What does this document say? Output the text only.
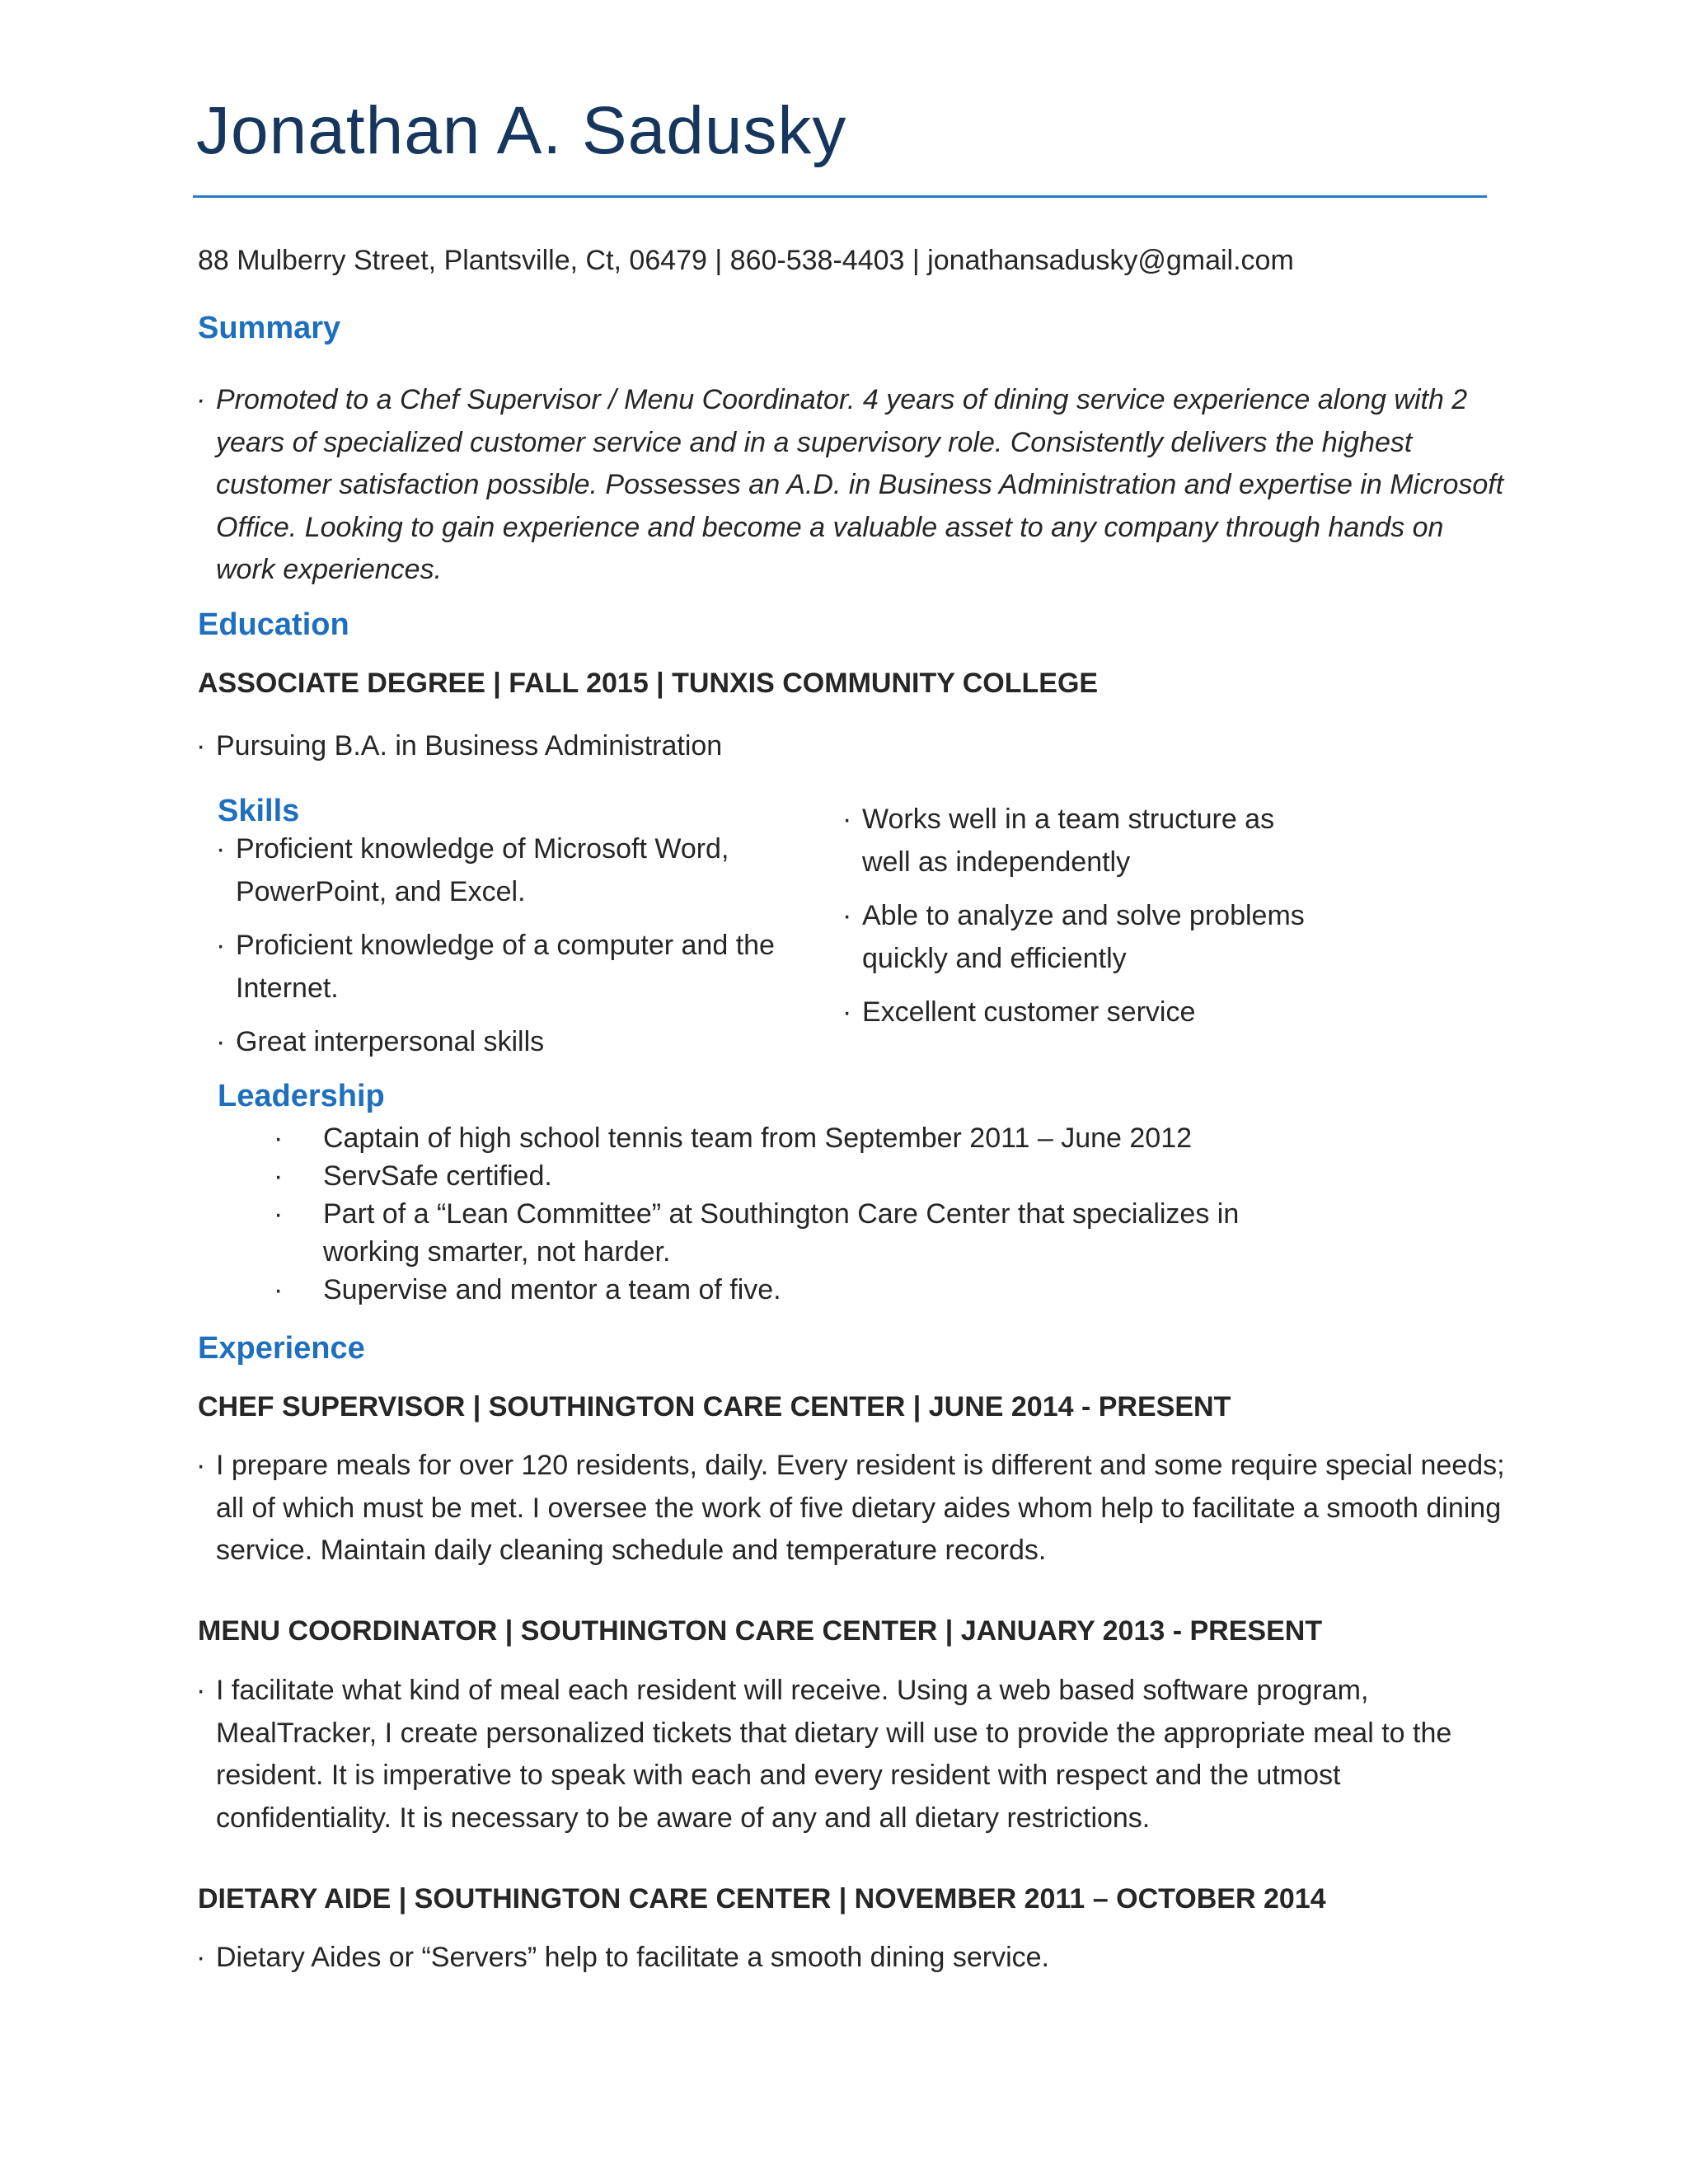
Jonathan A. Sadusky
88 Mulberry Street, Plantsville, Ct, 06479 | 860-538-4403 | jonathansadusky@gmail.com
Summary

· Promoted to a Chef Supervisor / Menu Coordinator. 4 years of dining service experience along with 2 years of specialized customer service and in a supervisory role. Consistently delivers the highest customer satisfaction possible. Possesses an A.D. in Business Administration and expertise in Microsoft Office. Looking to gain experience and become a valuable asset to any company through hands on work experiences.

Education
ASSOCIATE DEGREE | FALL 2015 | TUNXIS COMMUNITY COLLEGE

· Pursuing B.A. in Business Administration

Skills
· Proficient knowledge of Microsoft Word, PowerPoint, and Excel.
· Proficient knowledge of a computer and the Internet.
· Great interpersonal skills
· Works well in a team structure as well as independently
· Able to analyze and solve problems quickly and efficiently
· Excellent customer service
Leadership
· Captain of high school tennis team from September 2011 – June 2012
· ServSafe certified.
· Part of a “Lean Committee” at Southington Care Center that specializes in working smarter, not harder.
· Supervise and mentor a team of five.
Experience
CHEF SUPERVISOR | SOUTHINGTON CARE CENTER | JUNE 2014 - PRESENT

· I prepare meals for over 120 residents, daily. Every resident is different and some require special needs; all of which must be met. I oversee the work of five dietary aides whom help to facilitate a smooth dining service. Maintain daily cleaning schedule and temperature records.

MENU COORDINATOR | SOUTHINGTON CARE CENTER | JANUARY 2013 - PRESENT

· I facilitate what kind of meal each resident will receive. Using a web based software program, MealTracker, I create personalized tickets that dietary will use to provide the appropriate meal to the resident. It is imperative to speak with each and every resident with respect and the utmost confidentiality. It is necessary to be aware of any and all dietary restrictions.

DIETARY AIDE | SOUTHINGTON CARE CENTER | NOVEMBER 2011 – OCTOBER 2014

· Dietary Aides or “Servers” help to facilitate a smooth dining service.
